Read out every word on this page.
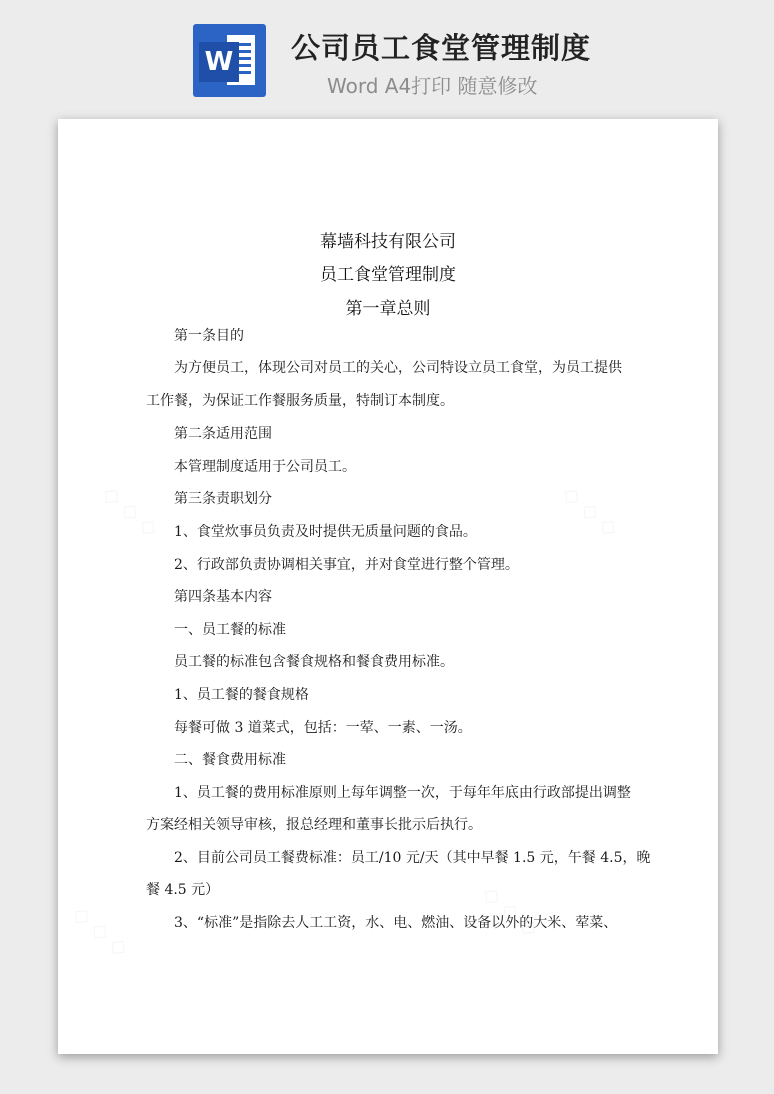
W 公司员工食堂管理制度
Word A4打印 随意修改
幕墙科技有限公司
员工食堂管理制度
第一章总则
第一条目的
为方便员工，体现公司对员工的关心，公司特设立员工食堂，为员工提供
工作餐，为保证工作餐服务质量，特制订本制度。
第二条适用范围
本管理制度适用于公司员工。
第三条责职划分
1、食堂炊事员负责及时提供无质量问题的食品。
2、行政部负责协调相关事宜，并对食堂进行整个管理。
第四条基本内容
一、员工餐的标准
员工餐的标准包含餐食规格和餐食费用标准。
1、员工餐的餐食规格
每餐可做 3 道菜式，包括：一荤、一素、一汤。
二、餐食费用标准
1、员工餐的费用标准原则上每年调整一次，于每年年底由行政部提出调整
方案经相关领导审核，报总经理和董事长批示后执行。
2、目前公司员工餐费标准：员工/10 元/天（其中早餐 1.5 元，午餐 4.5，晚
餐 4.5 元）
3、“标准”是指除去人工工资，水、电、燃油、设备以外的大米、荤菜、
